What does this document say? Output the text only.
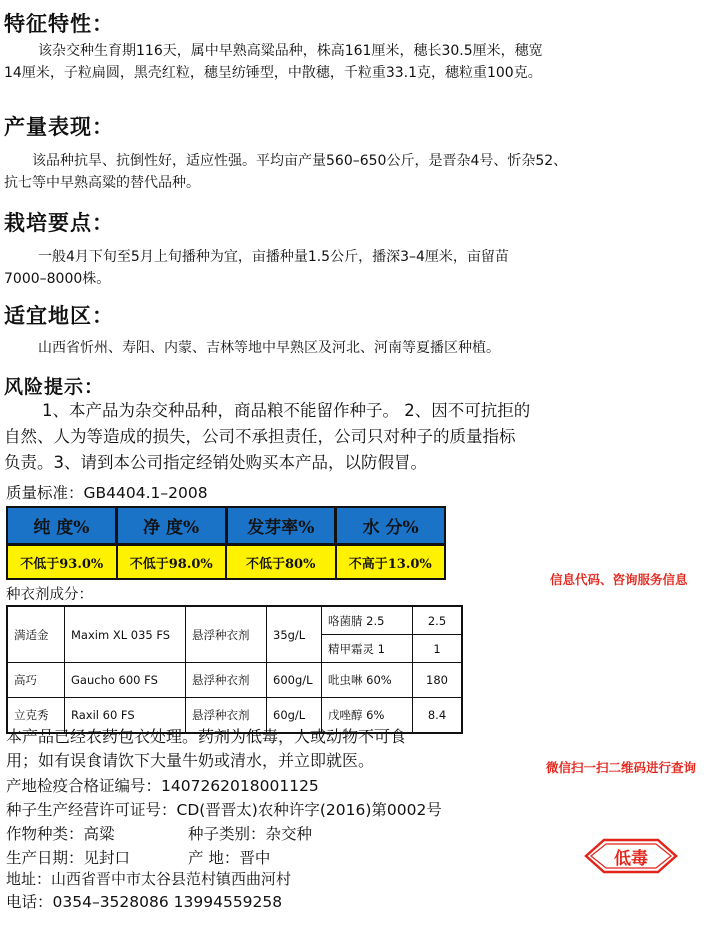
特征特性：
该杂交种生育期116天，属中早熟高粱品种，株高161厘米，穗长30.5厘米，穗宽
14厘米，子粒扁圆，黑壳红粒，穗呈纺锤型，中散穗，千粒重33.1克，穗粒重100克。
产量表现：
该品种抗旱、抗倒性好，适应性强。平均亩产量560–650公斤，是晋杂4号、忻杂52、
抗七等中早熟高粱的替代品种。
栽培要点：
一般4月下旬至5月上旬播种为宜，亩播种量1.5公斤，播深3–4厘米，亩留苗
7000–8000株。
适宜地区：
山西省忻州、寿阳、内蒙、吉林等地中早熟区及河北、河南等夏播区种植。
风险提示：
1、本产品为杂交种品种，商品粮不能留作种子。 2、因不可抗拒的
自然、人为等造成的损失，公司不承担责任，公司只对种子的质量指标
负责。3、请到本公司指定经销处购买本产品，以防假冒。
质量标准：GB4404.1–2008
纯 度%	净 度%	发芽率%	水 分%
不低于93.0%	不低于98.0%	不低于80%	不高于13.0%
信息代码、咨询服务信息
种衣剂成分：
满适金	Maxim XL 035 FS	悬浮种衣剂	35g/L	咯菌腈 2.5	2.5
				精甲霜灵 1	1
高巧	Gaucho 600 FS	悬浮种衣剂	600g/L	吡虫啉 60%	180
立克秀	Raxil 60 FS	悬浮种衣剂	60g/L	戊唑醇 6%	8.4
本产品已经农药包衣处理。药剂为低毒，人或动物不可食
用；如有误食请饮下大量牛奶或清水，并立即就医。	微信扫一扫二维码进行查询
产地检疫合格证编号：140726201800​1125
种子生产经营许可证号：CD(晋晋太)农种许字(2016)第0002号
作物种类：高粱	种子类别：杂交种
生产日期：见封口	产 地：晋中
地址：山西省晋中市太谷县范村镇西曲河村
电话：0354–3528086 13994559258
低毒
